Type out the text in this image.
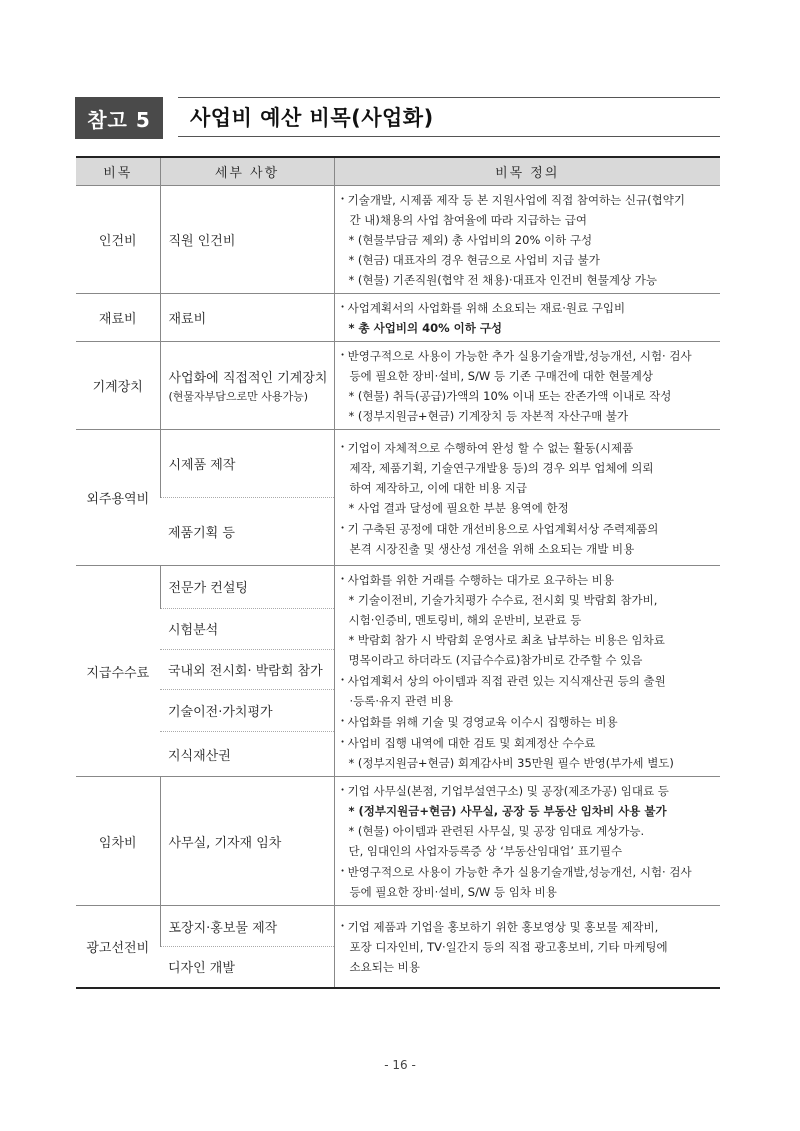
참고 5	사업비 예산 비목(사업화)
비목	세부 사항	비목 정의
인건비	직원 인건비	• 기술개발, 시제품 제작 등 본 지원사업에 직접 참여하는 신규(협약기
간 내)채용의 사업 참여율에 따라 지급하는 급여
* (현물부담금 제외) 총 사업비의 20% 이하 구성
* (현금) 대표자의 경우 현금으로 사업비 지급 불가
* (현물) 기존직원(협약 전 채용)·대표자 인건비 현물계상 가능

재료비	재료비	• 사업계획서의 사업화를 위해 소요되는 재료·원료 구입비
* 총 사업비의 40% 이하 구성

기계장치	사업화에 직접적인 기계장치
(현물자부담으로만 사용가능)	• 반영구적으로 사용이 가능한 추가 실용기술개발,성능개선, 시험· 검사
등에 필요한 장비·설비, S/W 등 기존 구매건에 대한 현물계상
* (현물) 취득(공급)가액의 10% 이내 또는 잔존가액 이내로 작성
* (정부지원금+현금) 기계장치 등 자본적 자산구매 불가

외주용역비	시제품 제작	
• 기업이 자체적으로 수행하여 완성 할 수 없는 활동(시제품
제작, 제품기획, 기술연구개발용 등)의 경우 외부 업체에 의뢰
하여 제작하고, 이에 대한 비용 지급
* 사업 결과 달성에 필요한 부분 용역에 한정
• 기 구축된 공정에 대한 개선비용으로 사업계획서상 주력제품의
본격 시장진출 및 생산성 개선을 위해 소요되는 개발 비용

	제품기획 등	
지급수수료	전문가 컨설팅	
• 사업화를 위한 거래를 수행하는 대가로 요구하는 비용
* 기술이전비, 기술가치평가 수수료, 전시회 및 박람회 참가비,
시험·인증비, 멘토링비, 해외 운반비, 보관료 등
* 박람회 참가 시 박람회 운영사로 최초 납부하는 비용은 임차료
명목이라고 하더라도 (지급수수료)참가비로 간주할 수 있음
• 사업계획서 상의 아이템과 직접 관련 있는 지식재산권 등의 출원
·등록·유지 관련 비용
• 사업화를 위해 기술 및 경영교육 이수시 집행하는 비용
• 사업비 집행 내역에 대한 검토 및 회계정산 수수료
* (정부지원금+현금) 회계감사비 35만원 필수 반영(부가세 별도)

	시험분석	
	국내외 전시회· 박람회 참가	
	기술이전·가치평가	
	지식재산권	
임차비	사무실, 기자재 임차	
• 기업 사무실(본점, 기업부설연구소) 및 공장(제조가공) 임대료 등
* (정부지원금+현금) 사무실, 공장 등 부동산 임차비 사용 불가
* (현물) 아이템과 관련된 사무실, 및 공장 임대료 계상가능.
단, 임대인의 사업자등록증 상 ‘부동산임대업’ 표기필수
• 반영구적으로 사용이 가능한 추가 실용기술개발,성능개선, 시험· 검사
등에 필요한 장비·설비, S/W 등 임차 비용

광고선전비	포장지·홍보물 제작	• 기업 제품과 기업을 홍보하기 위한 홍보영상 및 홍보물 제작비,
포장 디자인비, TV·일간지 등의 직접 광고홍보비, 기타 마케팅에
소요되는 비용

	디자인 개발	
- 16 -
